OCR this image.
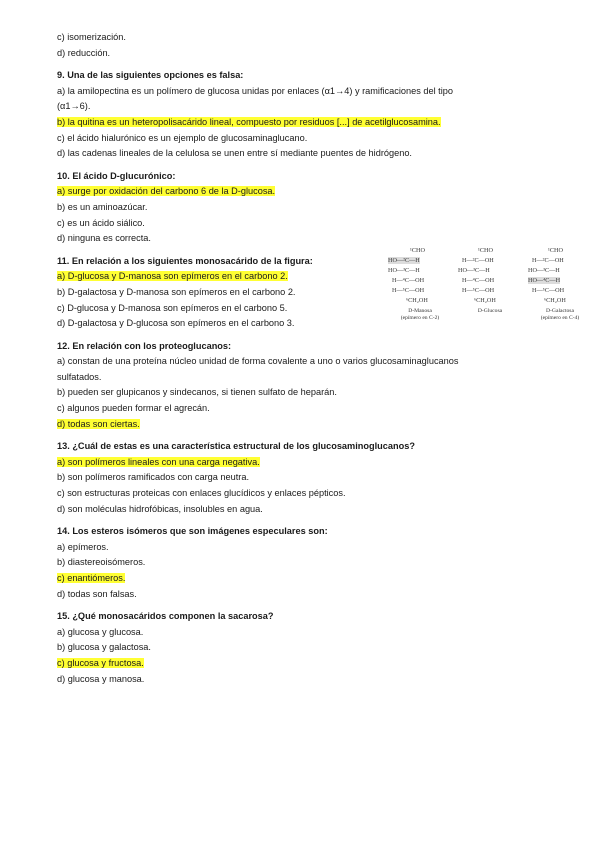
c) isomerización.
d) reducción.
9. Una de las siguientes opciones es falsa:
a) la amilopectina es un polímero de glucosa unidas por enlaces (α1→4) y ramificaciones del tipo
(α1→6).
b) la quitina es un heteropolisacárido lineal, compuesto por residuos [...] de acetilglucosamina.
c) el ácido hialurónico es un ejemplo de glucosaminaglucano.
d) las cadenas lineales de la celulosa se unen entre sí mediante puentes de hidrógeno.
10. El ácido D-glucurónico:
a) surge por oxidación del carbono 6 de la D-glucosa.
b) es un aminoazúcar.
c) es un ácido siálico.
d) ninguna es correcta.
11. En relación a los siguientes monosacárido de la figura:
a) D-glucosa y D-manosa son epímeros en el carbono 2.
b) D-galactosa y D-manosa son epímeros en el carbono 2.
c) D-glucosa y D-manosa son epímeros en el carbono 5.
d) D-galactosa y D-glucosa son epímeros en el carbono 3.
12. En relación con los proteoglucanos:
a) constan de una proteína núcleo unidad de forma covalente a uno o varios glucosaminaglucanos
sulfatados.
b) pueden ser glupicanos y sindecanos, si tienen sulfato de heparán.
c) algunos pueden formar el agrecán.
d) todas son ciertas.
13. ¿Cuál de estas es una característica estructural de los glucosaminoglucanos?
a) son polímeros lineales con una carga negativa.
b) son polímeros ramificados con carga neutra.
c) son estructuras proteicas con enlaces glucídicos y enlaces pépticos.
d) son moléculas hidrofóbicas, insolubles en agua.
14. Los esteros isómeros que son imágenes especulares son:
a) epímeros.
b) diastereoisómeros.
c) enantiómeros.
d) todas son falsas.
15. ¿Qué monosacáridos componen la sacarosa?
a) glucosa y glucosa.
b) glucosa y galactosa.
c) glucosa y fructosa.
d) glucosa y manosa.
¹CHO
HO—²C—H
HO—³C—H
H—⁴C—OH
H—⁵C—OH
⁶CH₂OH
D-Manosa
(epímero en C-2)
¹CHO
H—²C—OH
HO—³C—H
H—⁴C—OH
H—⁵C—OH
⁶CH₂OH
D-Glucosa
¹CHO
H—²C—OH
HO—³C—H
HO—⁴C—H
H—⁵C—OH
⁶CH₂OH
D-Galactosa
(epímero en C-4)
